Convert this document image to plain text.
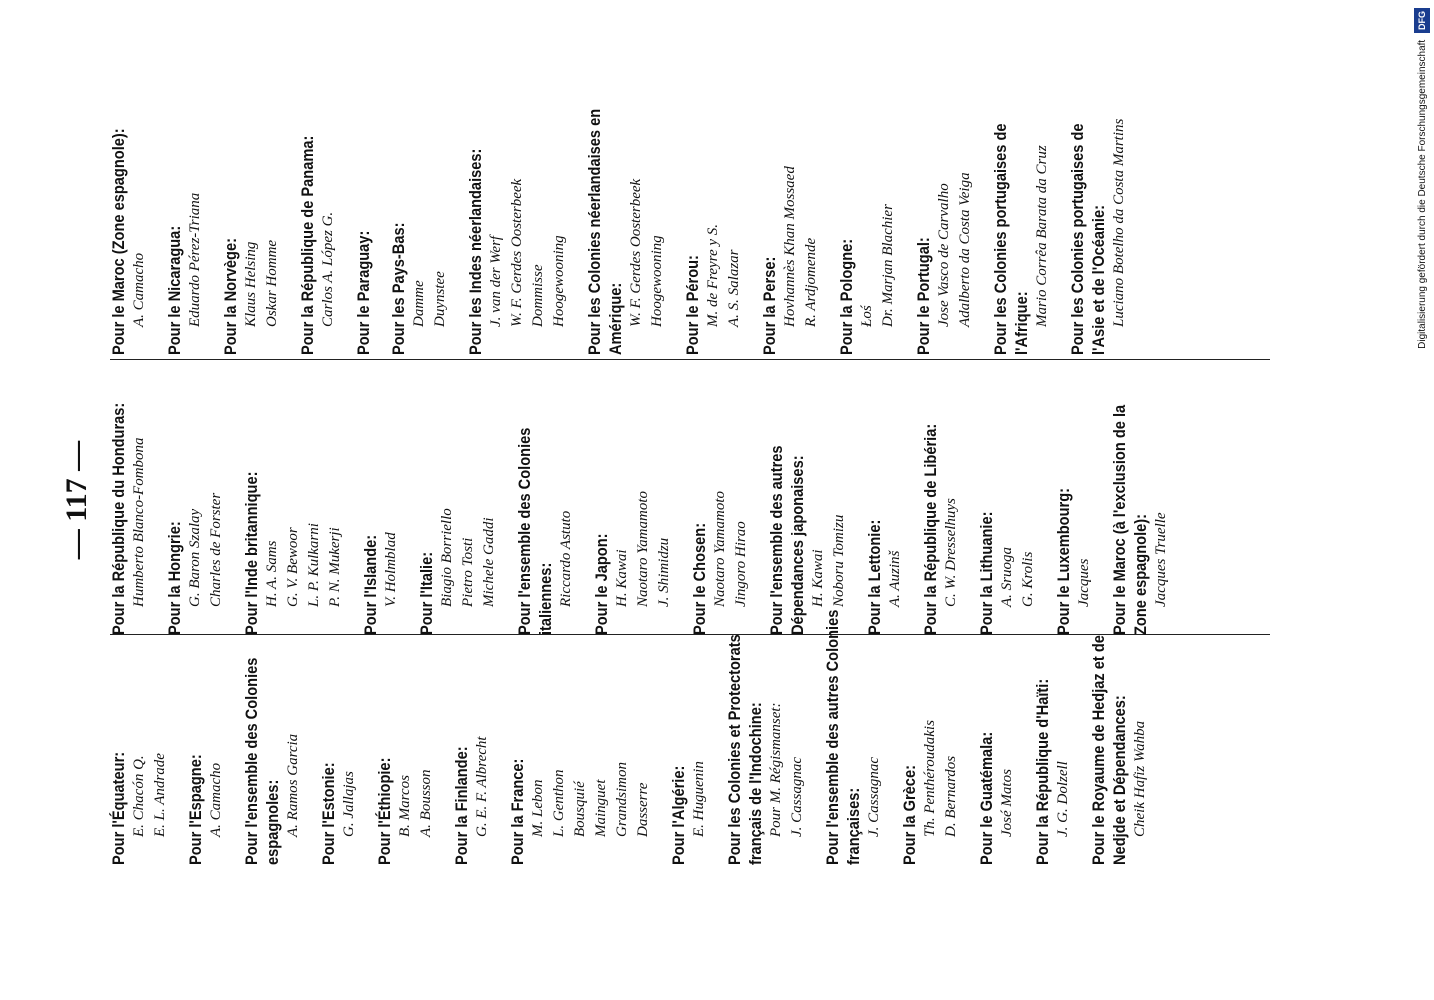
— 117 —
Pour l'Équateur: E. Chacón Q. E. L. Andrade Pour l'Espagne: A. Camacho Pour l'ensemble des Colonies espagnoles: A. Ramos Garcia Pour l'Estonie: G. Jallajas Pour l'Éthiopie: B. Marcos A. Bousson Pour la Finlande: G. E. F. Albrecht Pour la France: M. Lebon L. Genthon Bousquié Mainguet Grandsimon Dasserre Pour l'Algérie: E. Huguenin Pour les Colonies et Protectorats français de l'Indochine: Pour M. Régismanset: J. Cassagnac Pour l'ensemble des autres Colonies françaises: J. Cassagnac Pour la Grèce: Th. Penthéroudakis D. Bernardos Pour le Guatémala: José Matos Pour la République d'Haïti: J. G. Dolzell Pour le Royaume de Hedjaz et de Nedjde et Dépendances: Cheik Hafiz Wahba
Pour la République du Honduras: Humberto Blanco-Fombona Pour la Hongrie: G. Baron Szalay Charles de Forster Pour l'Inde britannique: H. A. Sams G. V. Bewoor L. P. Kulkarni P. N. Mukerji Pour l'Islande: V. Holmblad Pour l'Italie: Biagio Borriello Pietro Tosti Michele Gaddi Pour l'ensemble des Colonies italiennes: Riccardo Astuto Pour le Japon: H. Kawai Naotaro Yamamoto J. Shimidzu Pour le Chosen: Naotaro Yamamoto Jingoro Hirao Pour l'ensemble des autres Dépendances japonaises: H. Kawai Noboru Tomizu Pour la Lettonie: A. Auzinš Pour la République de Libéria: C. W. Dresselhuys Pour la Lithuanie: A. Sruoga G. Krolis Pour le Luxembourg: Jacques Pour le Maroc (à l'exclusion de la Zone espagnole): Jacques Truelle
Pour le Maroc (Zone espagnole): A. Camacho Pour le Nicaragua: Eduardo Pérez-Triana Pour la Norvège: Klaus Helsing Oskar Homme Pour la République de Panama: Carlos A. López G. Pour le Paraguay: Pour les Pays-Bas: Damme Duynstee Pour les Indes néerlandaises: J. van der Werf W. F. Gerdes Oosterbeek Dommisse Hoogewooning Pour les Colonies néerlandaises en Amérique: W. F. Gerdes Oosterbeek Hoogewooning Pour le Pérou: M. de Freyre y S. A. S. Salazar Pour la Perse: Hovhannès Khan Mossaed R. Ardjomende Pour la Pologne: Łoś Dr. Marjan Blachier Pour le Portugal: Jose Vasco de Carvalho Adalberto da Costa Veiga Pour les Colonies portugaises de l'Afrique: Mario Corrêa Barata da Cruz Pour les Colonies portugaises de l'Asie et de l'Océanie: Luciano Botelho da Costa Martins	Digitalisierung gefördert durch die Deutsche Forschungsgemeinschaft DFG
